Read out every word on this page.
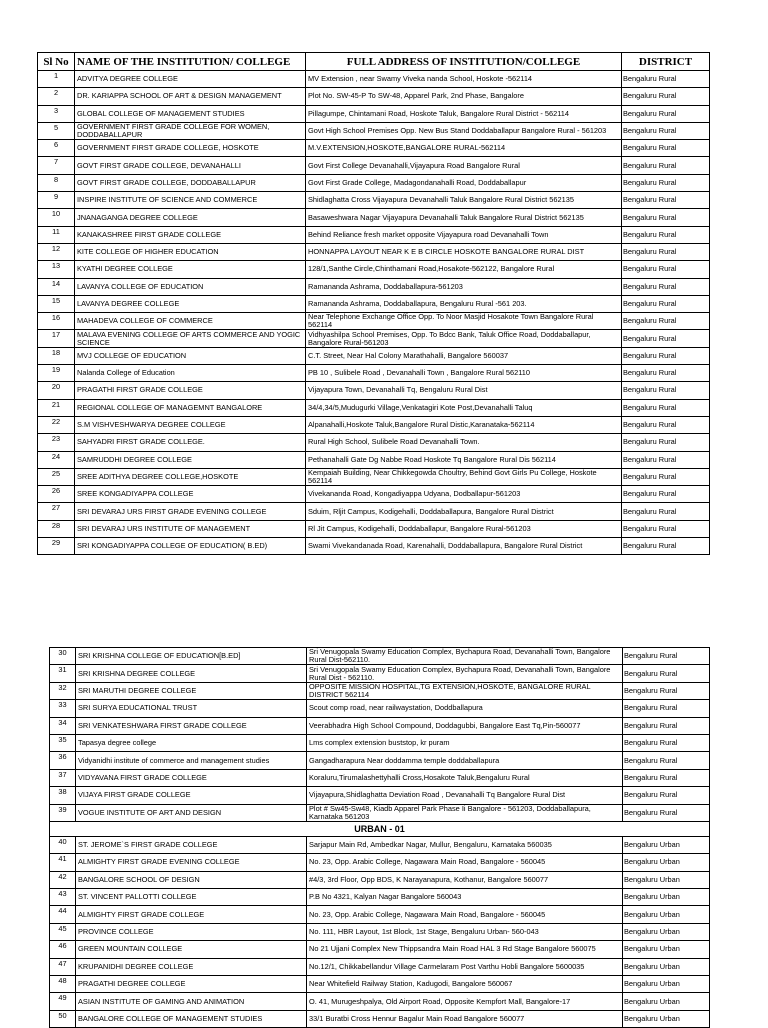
Sl No	NAME OF THE INSTITUTION/ COLLEGE	FULL ADDRESS OF INSTITUTION/COLLEGE	DISTRICT
1	ADVITYA DEGREE COLLEGE	MV Extension , near Swamy Viveka nanda School, Hoskote -562114	Bengaluru Rural
2	DR. KARIAPPA SCHOOL OF ART & DESIGN MANAGEMENT	Plot No. SW-45-P To SW-48, Apparel Park, 2nd Phase, Bangalore	Bengaluru Rural
3	GLOBAL COLLEGE OF MANAGEMENT STUDIES	Pillagumpe, Chintamani Road, Hoskote Taluk, Bangalore Rural District - 562114	Bengaluru Rural
5	GOVERNMENT FIRST GRADE COLLEGE FOR WOMEN, DODDABALLAPUR	Govt High School Premises Opp. New Bus Stand Doddaballapur Bangalore Rural - 561203	Bengaluru Rural
6	GOVERNMENT FIRST GRADE COLLEGE, HOSKOTE	M.V.EXTENSION,HOSKOTE,BANGALORE RURAL-562114	Bengaluru Rural
7	GOVT FIRST GRADE COLLEGE, DEVANAHALLI	Govt First College Devanahalli,Vijayapura Road Bangalore Rural	Bengaluru Rural
8	GOVT FIRST GRADE COLLEGE, DODDABALLAPUR	Govt First Grade College, Madagondanahalli Road, Doddaballapur	Bengaluru Rural
9	INSPIRE INSTITUTE OF SCIENCE AND COMMERCE	Shidlaghatta Cross Vijayapura Devanahalli Taluk Bangalore Rural District 562135	Bengaluru Rural
10	JNANAGANGA DEGREE COLLEGE	Basaweshwara Nagar Vijayapura Devanahalli Taluk Bangalore Rural District 562135	Bengaluru Rural
11	KANAKASHREE FIRST GRADE COLLEGE	Behind Reliance fresh market opposite Vijayapura road Devanahalli Town	Bengaluru Rural
12	KITE COLLEGE OF HIGHER EDUCATION	HONNAPPA LAYOUT NEAR K E B CIRCLE HOSKOTE BANGALORE RURAL DIST	Bengaluru Rural
13	KYATHI DEGREE COLLEGE	128/1,Santhe Circle,Chinthamani Road,Hosakote-562122, Bangalore Rural	Bengaluru Rural
14	LAVANYA COLLEGE OF EDUCATION	Ramananda Ashrama, Doddaballapura-561203	Bengaluru Rural
15	LAVANYA DEGREE COLLEGE	Ramananda Ashrama, Doddaballapura, Bengaluru Rural -561 203.	Bengaluru Rural
16	MAHADEVA COLLEGE OF COMMERCE	Near Telephone Exchange Office Opp. To Noor Masjid Hosakote Town Bangalore Rural 562114	Bengaluru Rural
17	MALAVA EVENING COLLEGE OF ARTS COMMERCE AND YOGIC SCIENCE	Vidhyashilpa School Premises, Opp. To Bdcc Bank, Taluk Office Road, Doddaballapur, Bangalore Rural-561203	Bengaluru Rural
18	MVJ COLLEGE OF EDUCATION	C.T. Street, Near Hal Colony Marathahalli, Bangalore 560037	Bengaluru Rural
19	Nalanda College of Education	PB 10 , Sulibele Road , Devanahalli Town , Bangalore Rural 562110	Bengaluru Rural
20	PRAGATHI FIRST GRADE COLLEGE	Vijayapura Town, Devanahalli Tq, Bengaluru Rural Dist	Bengaluru Rural
21	REGIONAL COLLEGE OF MANAGEMNT BANGALORE	34/4,34/5,Mudugurki Village,Venkatagiri Kote Post,Devanahalli Taluq	Bengaluru Rural
22	S.M VISHVESHWARYA DEGREE COLLEGE	Alpanahalli,Hoskote Taluk,Bangalore Rural Distic,Karanataka-562114	Bengaluru Rural
23	SAHYADRI FIRST GRADE COLLEGE.	Rural High School, Sulibele Road Devanahalli Town.	Bengaluru Rural
24	SAMRUDDHI DEGREE COLLEGE	Pethanahalli Gate Dg Nabbe Road Hoskote Tq Bangalore Rural Dis 562114	Bengaluru Rural
25	SREE ADITHYA DEGREE COLLEGE,HOSKOTE	Kempaiah Building, Near Chikkegowda Choultry, Behind Govt Girls Pu College, Hoskote 562114	Bengaluru Rural
26	SREE KONGADIYAPPA COLLEGE	Vivekananda Road, Kongadiyappa Udyana, Dodballapur-561203	Bengaluru Rural
27	SRI DEVARAJ URS FIRST GRADE EVENING COLLEGE	Sduim, Rljit Campus, Kodigehalli, Doddaballapura, Bangalore Rural District	Bengaluru Rural
28	SRI DEVARAJ URS INSTITUTE OF MANAGEMENT	Rl Jit Campus, Kodigehalli, Doddaballapur, Bangalore Rural-561203	Bengaluru Rural
29	SRI KONGADIYAPPA COLLEGE OF EDUCATION( B.ED)	Swami Vivekandanada Road, Karenahalli, Doddaballapura, Bangalore Rural District	Bengaluru Rural
30	SRI KRISHNA COLLEGE OF EDUCATION[B.ED]	Sri Venugopala Swamy Education Complex, Bychapura Road, Devanahalli Town, Bangalore Rural Dist-562110.	Bengaluru Rural
31	SRI KRISHNA DEGREE COLLEGE	Sri Venugopala Swamy Education Complex, Bychapura Road, Devanahalli Town, Bangalore Rural Dist - 562110.	Bengaluru Rural
32	SRI MARUTHI DEGREE COLLEGE	OPPOSITE MISSION HOSPITAL,TG EXTENSION,HOSKOTE, BANGALORE RURAL DISTRICT 562114	Bengaluru Rural
33	SRI SURYA EDUCATIONAL TRUST	Scout comp road, near railwaystation, Doddballapura	Bengaluru Rural
34	SRI VENKATESHWARA FIRST GRADE COLLEGE	Veerabhadra High School Compound, Doddagubbi, Bangalore East Tq,Pin-560077	Bengaluru Rural
35	Tapasya degree college	Lms complex extension buststop, kr puram	Bengaluru Rural
36	Vidyanidhi institute of commerce and management studies	Gangadharapura Near doddamma temple doddaballapura	Bengaluru Rural
37	VIDYAVANA FIRST GRADE COLLEGE	Koraluru,Tirumalashettyhalli Cross,Hosakote Taluk,Bengaluru Rural	Bengaluru Rural
38	VIJAYA FIRST GRADE COLLEGE	Vijayapura,Shidlaghatta Deviation Road , Devanahalli Tq Bangalore Rural Dist	Bengaluru Rural
39	VOGUE INSTITUTE OF ART AND DESIGN	Plot # Sw45-Sw48, Kiadb Apparel Park Phase Ii Bangalore - 561203, Doddaballapura, Karnataka 561203	Bengaluru Rural
URBAN - 01			
40	ST. JEROME`S FIRST GRADE COLLEGE	Sarjapur Main Rd, Ambedkar Nagar, Mullur, Bengaluru, Karnataka 560035	Bengaluru Urban
41	ALMIGHTY FIRST GRADE EVENING COLLEGE	No. 23, Opp. Arabic College, Nagawara Main Road, Bangalore - 560045	Bengaluru Urban
42	BANGALORE SCHOOL OF DESIGN	#4/3, 3rd Floor, Opp BDS, K Narayanapura, Kothanur, Bangalore 560077	Bengaluru Urban
43	ST. VINCENT PALLOTTI COLLEGE	P.B No 4321, Kalyan Nagar Bangalore 560043	Bengaluru Urban
44	ALMIGHTY FIRST GRADE COLLEGE	No. 23, Opp. Arabic College, Nagawara Main Road, Bangalore - 560045	Bengaluru Urban
45	PROVINCE COLLEGE	No. 111, HBR Layout, 1st Block, 1st Stage, Bengaluru Urban- 560-043	Bengaluru Urban
46	GREEN MOUNTAIN COLLEGE	No 21 Ujjani Complex New Thippsandra Main Road HAL 3 Rd Stage Bangalore 560075	Bengaluru Urban
47	KRUPANIDHI DEGREE COLLEGE	No.12/1, Chikkabellandur Village Carmelaram Post Varthu Hobli Bangalore 5600035	Bengaluru Urban
48	PRAGATHI DEGREE COLLEGE	Near Whitefield Railway Station, Kadugodi, Bangalore 560067	Bengaluru Urban
49	ASIAN INSTITUTE OF GAMING AND ANIMATION	O. 41, Murugeshpalya, Old Airport Road, Opposite Kempfort Mall, Bangalore-17	Bengaluru Urban
50	BANGALORE COLLEGE OF MANAGEMENT STUDIES	33/1 Buratbi Cross Hennur Bagalur Main Road Bangalore 560077	Bengaluru Urban
